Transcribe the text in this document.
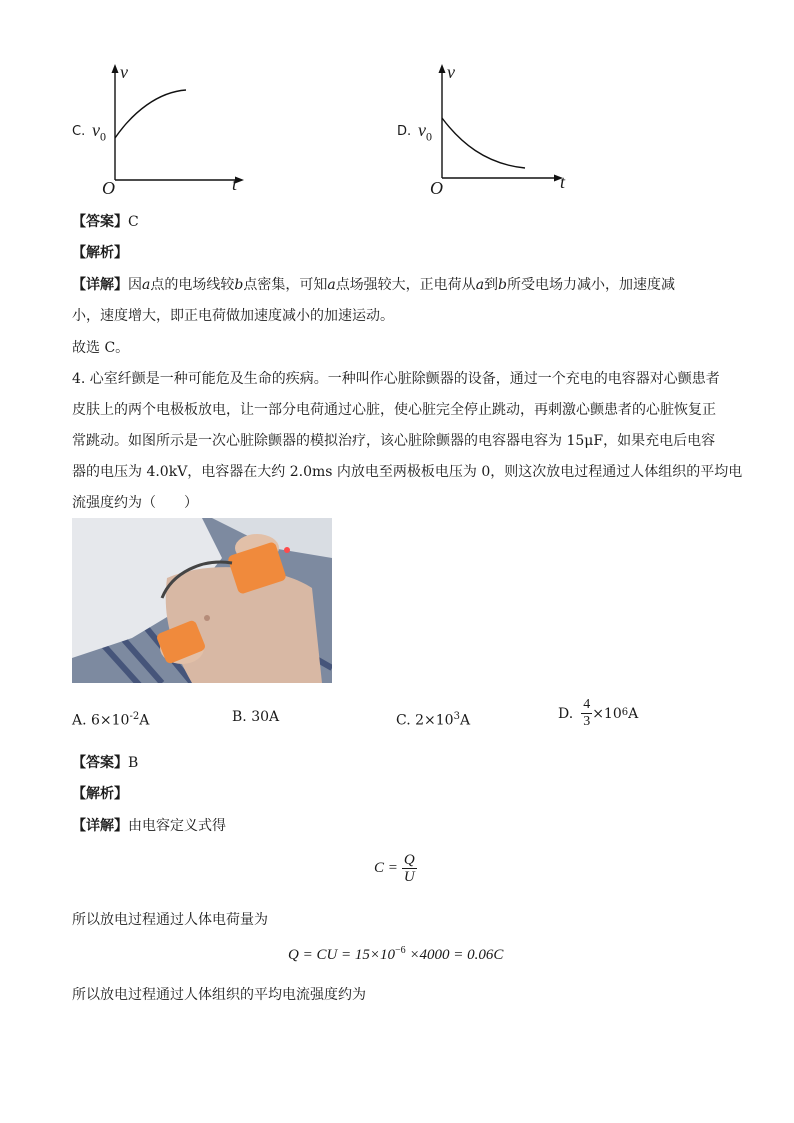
C.
v
$v_0$
O	t
D.
v
$v_0$
O	t
【答案】C
【解析】
【详解】因a点的电场线较b点密集，可知a点场强较大，正电荷从a到b所受电场力减小，加速度减
小，速度增大，即正电荷做加速度减小的加速运动。
故选 C。
4. 心室纤颤是一种可能危及生命的疾病。一种叫作心脏除颤器的设备，通过一个充电的电容器对心颤患者
皮肤上的两个电极板放电，让一部分电荷通过心脏，使心脏完全停止跳动，再刺激心颤患者的心脏恢复正
常跳动。如图所示是一次心脏除颤器的模拟治疗，该心脏除颤器的电容器电容为 15μF，如果充电后电容
器的电压为 4.0kV，电容器在大约 2.0ms 内放电至两极板电压为 0，则这次放电过程通过人体组织的平均电
流强度约为（　　）
A. $6\times 10^{-2}A$	B. 30A	C. $2\times 10^3A$	D. $\frac{4}{3} \times 10$ 6 A
【答案】B
【解析】
【详解】由电容定义式得
$C = \frac{Q}{U}$
所以放电过程通过人体电荷量为
Q = CU = $15\times 10^{-6} \times 4000 = 0.06C$
所以放电过程通过人体组织的平均电流强度约为
